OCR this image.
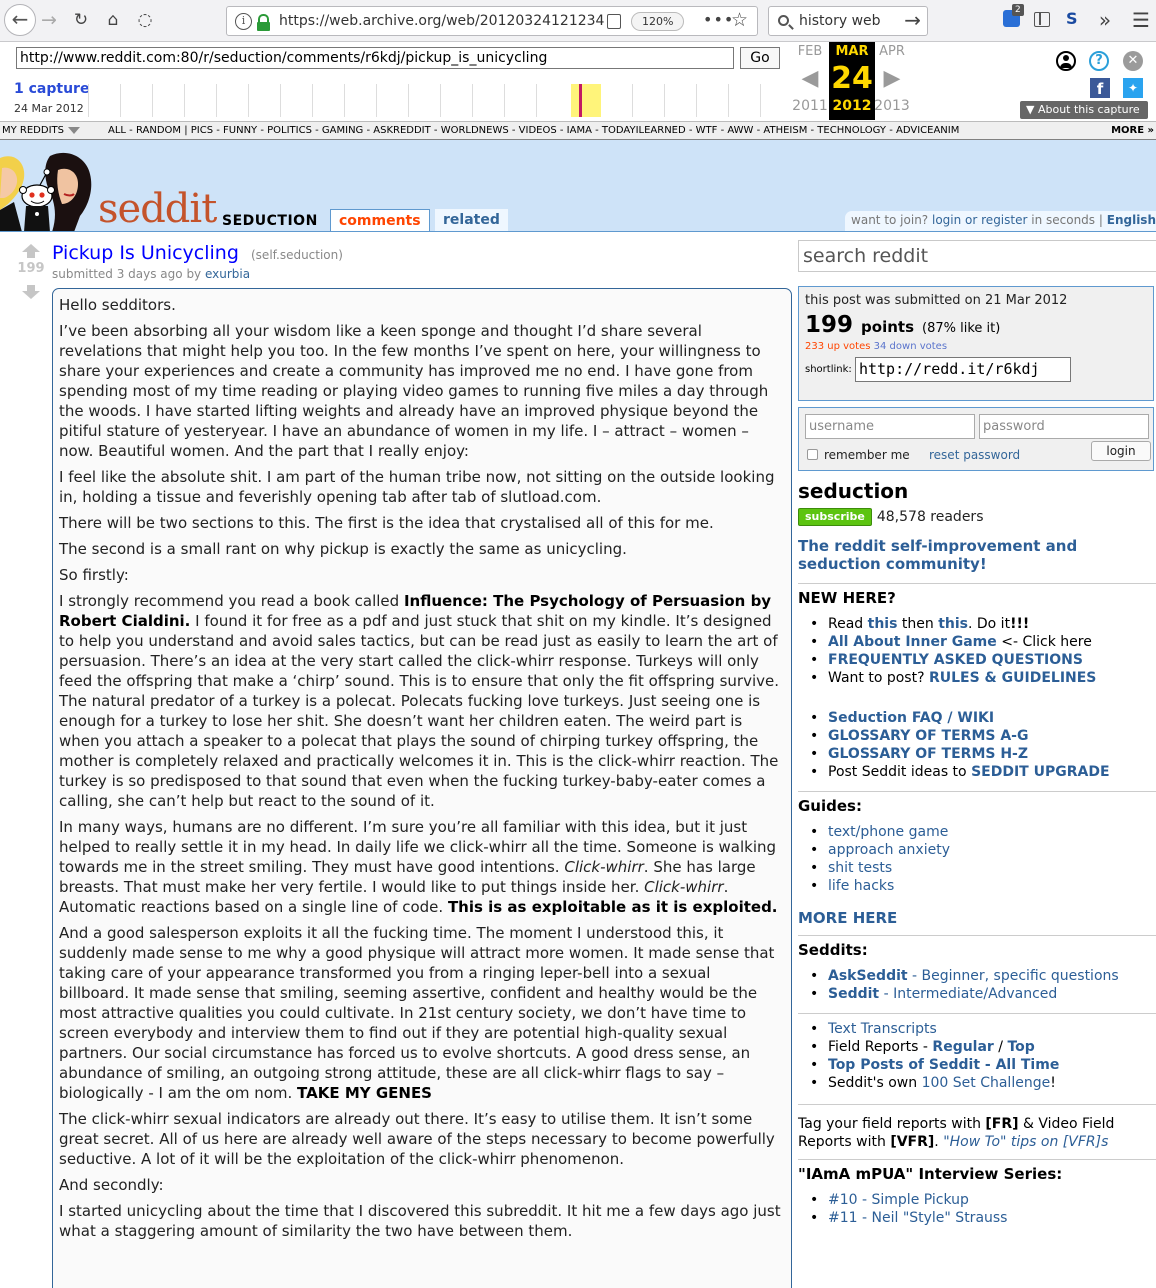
← → ↻	⌂	◌	i	https://web.archive.org/web/20120324121234	120%	•••
☆	history web →	2	S » ☰
http://www.reddit.com:80/r/seduction/comments/r6kdj/pickup_is_unicycling	Go
1 capture
24 Mar 2012
FEB
◀
2011
MAR
24
2012
APR
▶
2013
?	✕
f	✦
▼ About this capture
MY REDDITS	ALL - RANDOM | PICS - FUNNY - POLITICS - GAMING - ASKREDDIT - WORLDNEWS - VIDEOS - IAMA - TODAYILEARNED - WTF - AWW - ATHEISM - TECHNOLOGY - ADVICEANIM	MORE »
seddit SEDUCTION	comments	related	want to join? login or register in seconds | English
199
Pickup Is Unicycling (self.seduction)
submitted 3 days ago by exurbia

Hello sedditors.

I’ve been absorbing all your wisdom like a keen sponge and thought I’d share several revelations that might help you too. In the few months I’ve spent on here, your willingness to share your experiences and create a community has improved me no end. I have gone from spending most of my time reading or playing video games to running five miles a day through the woods. I have started lifting weights and already have an improved physique beyond the pitiful stature of yesteryear. I have an abundance of women in my life. I – attract – women – now. Beautiful women. And the part that I really enjoy:

I feel like the absolute shit. I am part of the human tribe now, not sitting on the outside looking in, holding a tissue and feverishly opening tab after tab of slutload.com.

There will be two sections to this. The first is the idea that crystalised all of this for me.

The second is a small rant on why pickup is exactly the same as unicycling.

So firstly:

I strongly recommend you read a book called Influence: The Psychology of Persuasion by Robert Cialdini. I found it for free as a pdf and just stuck that shit on my kindle. It’s designed to help you understand and avoid sales tactics, but can be read just as easily to learn the art of persuasion. There’s an idea at the very start called the click-whirr response. Turkeys will only feed the offspring that make a ‘chirp’ sound. This is to ensure that only the fit offspring survive. The natural predator of a turkey is a polecat. Polecats fucking love turkeys. Just seeing one is enough for a turkey to lose her shit. She doesn’t want her children eaten. The weird part is when you attach a speaker to a polecat that plays the sound of chirping turkey offspring, the mother is completely relaxed and practically welcomes it in. This is the click-whirr reaction. The turkey is so predisposed to that sound that even when the fucking turkey-baby-eater comes a calling, she can’t help but react to the sound of it.

In many ways, humans are no different. I’m sure you’re all familiar with this idea, but it just helped to really settle it in my head. In daily life we click-whirr all the time. Someone is walking towards me in the street smiling. They must have good intentions. Click-whirr. She has large breasts. That must make her very fertile. I would like to put things inside her. Click-whirr. Automatic reactions based on a single line of code. This is as exploitable as it is exploited.

And a good salesperson exploits it all the fucking time. The moment I understood this, it suddenly made sense to me why a good physique will attract more women. It made sense that taking care of your appearance transformed you from a ringing leper-bell into a sexual billboard. It made sense that smiling, seeming assertive, confident and healthy would be the most attractive qualities you could cultivate. In 21st century society, we don’t have time to screen everybody and interview them to find out if they are potential high-quality sexual partners. Our social circumstance has forced us to evolve shortcuts. A good dress sense, an abundance of smiling, an outgoing strong attitude, these are all click-whirr flags to say – biologically - I am the om nom. TAKE MY GENES

The click-whirr sexual indicators are already out there. It’s easy to utilise them. It isn’t some great secret. All of us here are already well aware of the steps necessary to become powerfully seductive. A lot of it will be the exploitation of the click-whirr phenomenon.

And secondly:

I started unicycling about the time that I discovered this subreddit. It hit me a few days ago just what a staggering amount of similarity the two have between them.

search reddit
this post was submitted on 21 Mar 2012
199 points (87% like it)
233 up votes 34 down votes
shortlink: http://redd.it/r6kdj
username	password
remember me reset password	login
seduction
subscribe 48,578 readers
The reddit self-improvement and seduction community!
NEW HERE?
• Read this then this. Do it!!!
• All About Inner Game <- Click here
• FREQUENTLY ASKED QUESTIONS
• Want to post? RULES & GUIDELINES
• Seduction FAQ / WIKI
• GLOSSARY OF TERMS A-G
• GLOSSARY OF TERMS H-Z
• Post Seddit ideas to SEDDIT UPGRADE
Guides:
• text/phone game
• approach anxiety
• shit tests
• life hacks
MORE HERE
Seddits:
• AskSeddit - Beginner, specific questions
• Seddit - Intermediate/Advanced
• Text Transcripts
• Field Reports - Regular / Top
• Top Posts of Seddit - All Time
• Seddit's own 100 Set Challenge!
Tag your field reports with [FR] & Video Field Reports with [VFR]. "How To" tips on [VFR]s
"IAmA mPUA" Interview Series:
• #10 - Simple Pickup
• #11 - Neil "Style" Strauss
